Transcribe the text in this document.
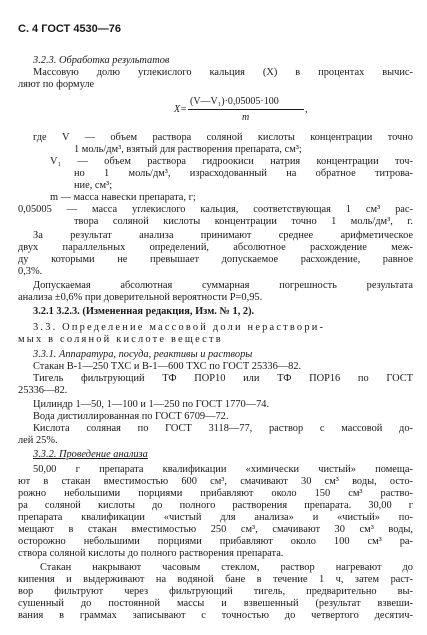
С. 4 ГОСТ 4530—76
3.2.3. Обработка результатов
Массовую долю углекислого кальция (X) в процентах вычис-
ляют по формуле
X=
(V—V₁)·0,05005·100
m
,
где V — объем раствора соляной кислоты концентрации точно
1 моль/дм³, взятый для растворения препарата, см³;
V₁ — объем раствора гидроокиси натрия концентрации точ-
но 1 моль/дм³, израсходованный на обратное титрова-
ние, см³;
m — масса навески препарата, г;
0,05005 — масса углекислого кальция, соответствующая 1 см³ рас-
твора соляной кислоты концентрации точно 1 моль/дм³, г.
За результат анализа принимают среднее арифметическое
двух параллельных определений, абсолютное расхождение меж-
ду которыми не превышает допускаемое расхождение, равное
0,3%.
Допускаемая абсолютная суммарная погрешность результата
анализа ±0,6% при доверительной вероятности P=0,95.
3.2.1 3.2.3. (Измененная редакция, Изм. № 1, 2).
3.3. Определение массовой доли нераствори-
мых в соляной кислоте веществ
3.3.1. Аппаратура, посуда, реактивы и растворы
Стакан В-1—250 ТХС и В-1—600 ТХС по ГОСТ 25336—82.
Тигель фильтрующий ТФ ПОР10 или ТФ ПОР16 по ГОСТ
25336—82.
Цилиндр 1—50, 1—100 и 1—250 по ГОСТ 1770—74.
Вода дистиллированная по ГОСТ 6709—72.
Кислота соляная по ГОСТ 3118—77, раствор с массовой до-
лей 25%.
3.3.2. Проведение анализа
50,00 г препарата квалификации «химически чистый» помеща-
ют в стакан вместимостью 600 см³, смачивают 30 см³ воды, осто-
рожно небольшими порциями прибавляют около 150 см³ раство-
ра соляной кислоты до полного растворения препарата. 30,00 г
препарата квалификации «чистый для анализа» и «чистый» по-
мещают в стакан вместимостью 250 см³, смачивают 30 см³ воды,
осторожно небольшими порциями прибавляют около 100 см³ ра-
створа соляной кислоты до полного растворения препарата.
Стакан накрывают часовым стеклом, раствор нагревают до
кипения и выдерживают на водяной бане в течение 1 ч, затем раст-
вор фильтруют через фильтрующий тигель, предварительно вы-
сушенный до постоянной массы и взвешенный (результат взвеши-
вания в граммах записывают с точностью до четвертого десятич-
